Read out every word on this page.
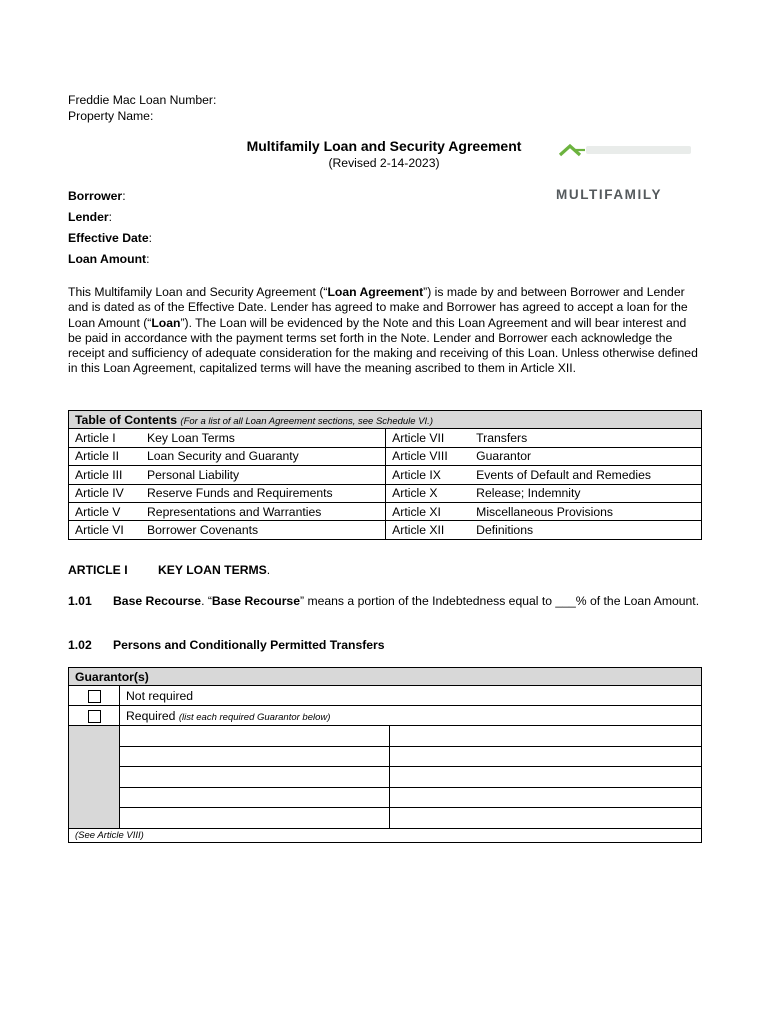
Freddie Mac Loan Number:
Property Name:
Multifamily Loan and Security Agreement
(Revised 2-14-2023)
MULTIFAMILY
Borrower:
Lender:
Effective Date:
Loan Amount:

This Multifamily Loan and Security Agreement (“Loan Agreement”) is made by and between Borrower and Lender and is dated as of the Effective Date. Lender has agreed to make and Borrower has agreed to accept a loan for the Loan Amount (“Loan”). The Loan will be evidenced by the Note and this Loan Agreement and will bear interest and be paid in accordance with the payment terms set forth in the Note. Lender and Borrower each acknowledge the receipt and sufficiency of adequate consideration for the making and receiving of this Loan. Unless otherwise defined in this Loan Agreement, capitalized terms will have the meaning ascribed to them in Article XII.

Table of Contents (For a list of all Loan Agreement sections, see Schedule VI.)			
Article I	Key Loan Terms	Article VII	Transfers
Article II	Loan Security and Guaranty	Article VIII	Guarantor
Article III	Personal Liability	Article IX	Events of Default and Remedies
Article IV	Reserve Funds and Requirements	Article X	Release; Indemnity
Article V	Representations and Warranties	Article XI	Miscellaneous Provisions
Article VI	Borrower Covenants	Article XII	Definitions
ARTICLE I KEY LOAN TERMS.
1.01 Base Recourse. “Base Recourse” means a portion of the Indebtedness equal to ___% of the Loan Amount.
1.02 Persons and Conditionally Permitted Transfers
Guarantor(s)		
	Not required	
	Required (list each required Guarantor below)	

(See Article VIII)		
